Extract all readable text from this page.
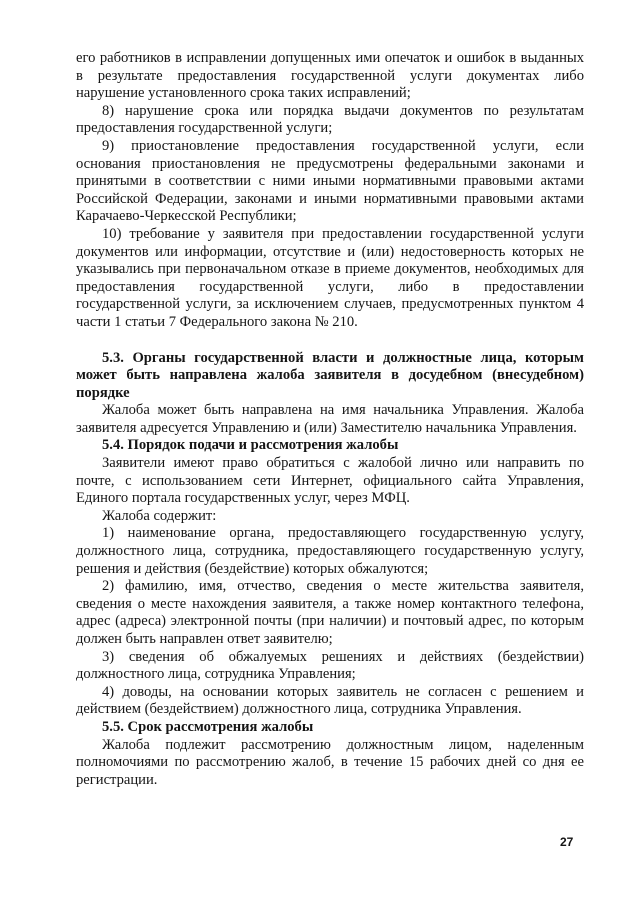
его работников в исправлении допущенных ими опечаток и ошибок в выданных в результате предоставления государственной услуги документах либо нарушение установленного срока таких исправлений;

8) нарушение срока или порядка выдачи документов по результатам предоставления государственной услуги;

9) приостановление предоставления государственной услуги, если основания приостановления не предусмотрены федеральными законами и принятыми в соответствии с ними иными нормативными правовыми актами Российской Федерации, законами и иными нормативными правовыми актами Карачаево-Черкесской Республики;

10) требование у заявителя при предоставлении государственной услуги документов или информации, отсутствие и (или) недостоверность которых не указывались при первоначальном отказе в приеме документов, необходимых для предоставления государственной услуги, либо в предоставлении государственной услуги, за исключением случаев, предусмотренных пунктом 4 части 1 статьи 7 Федерального закона № 210.

5.3. Органы государственной власти и должностные лица, которым может быть направлена жалоба заявителя в досудебном (внесудебном) порядке

Жалоба может быть направлена на имя начальника Управления. Жалоба заявителя адресуется Управлению и (или) Заместителю начальника Управления.

5.4. Порядок подачи и рассмотрения жалобы

Заявители имеют право обратиться с жалобой лично или направить по почте, с использованием сети Интернет, официального сайта Управления, Единого портала государственных услуг, через МФЦ.

Жалоба содержит:

1) наименование органа, предоставляющего государственную услугу, должностного лица, сотрудника, предоставляющего государственную услугу, решения и действия (бездействие) которых обжалуются;

2) фамилию, имя, отчество, сведения о месте жительства заявителя, сведения о месте нахождения заявителя, а также номер контактного телефона, адрес (адреса) электронной почты (при наличии) и почтовый адрес, по которым должен быть направлен ответ заявителю;

3) сведения об обжалуемых решениях и действиях (бездействии) должностного лица, сотрудника Управления;

4) доводы, на основании которых заявитель не согласен с решением и действием (бездействием) должностного лица, сотрудника Управления.

5.5. Срок рассмотрения жалобы

Жалоба подлежит рассмотрению должностным лицом, наделенным полномочиями по рассмотрению жалоб, в течение 15 рабочих дней со дня ее регистрации.

27
